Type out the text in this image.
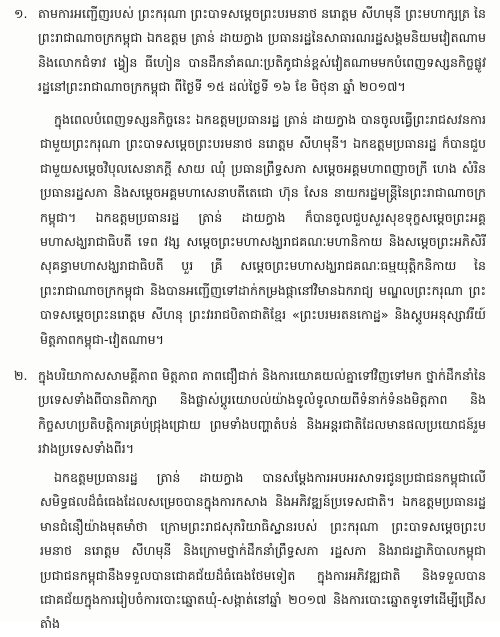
១. តាមការអញ្ជើញរបស់ ព្រះករុណា ព្រះបាទសម្តេចព្រះបរមនាថ នរោត្តម សីហមុនី ព្រះមហាក្សត្រ នៃព្រះរាជាណាចក្រកម្ពុជា ឯកឧត្តម ត្រាន់ ដាយក្វាង ប្រធានរដ្ឋនៃសាធារណរដ្ឋសង្គមនិយមវៀតណាម និងលោកជំទាវ ង្វៀន ធីហៀន បានដឹកនាំគណៈប្រតិភូជាន់ខ្ពស់វៀតណាមមកបំពេញទស្សនកិច្ចផ្លូវរដ្ឋនៅព្រះរាជាណាចក្រកម្ពុជា ពីថ្ងៃទី ១៥ ដល់ថ្ងៃទី ១៦ ខែ មិថុនា ឆ្នាំ ២០១៧។
ក្នុងពេលបំពេញទស្សនកិច្ចនេះ ឯកឧត្តមប្រធានរដ្ឋ ត្រាន់ ដាយក្វាង បានចូលធ្វើព្រះរាជសវនការជាមួយព្រះករុណា ព្រះបាទសម្តេចព្រះបរមនាថ នរោត្តម សីហមុនី។ ឯកឧត្តមប្រធានរដ្ឋ ក៏បានជួបជាមួយសម្តេចវិបុលសេនាភក្តី សាយ ឈុំ ប្រធានព្រឹទ្ធសភា សម្តេចអគ្គមហាពញាចក្រី ហេង សំរិន ប្រធានរដ្ឋសភា និងសម្តេចអគ្គមហាសេនាបតីតេជោ ហ៊ុន សែន នាយករដ្ឋមន្ត្រីនៃព្រះរាជាណាចក្រកម្ពុជា។ ឯកឧត្តមប្រធានរដ្ឋ ត្រាន់ ដាយក្វាង ក៏បានចូលជួបសួរសុខទុក្ខសម្តេចព្រះអគ្គមហាសង្ឃរាជាធិបតី ទេព វង្ស សម្តេចព្រះមហាសង្ឃរាជគណៈមហានិកាយ និងសម្តេចព្រះអភិសិរីសុគន្ធាមហាសង្ឃរាជាធិបតី បួរ គ្រី សម្តេចព្រះមហាសង្ឃរាជគណៈធម្មយុត្តិកនិកាយ នៃព្រះរាជាណាចក្រកម្ពុជា និងបានអញ្ជើញទៅដាក់កម្រងផ្កានៅវិមានឯករាជ្យ មណ្ឌលព្រះករុណា ព្រះបាទសម្តេចព្រះនរោត្តម សីហនុ ព្រះវររាជបិតាជាតិខ្មែរ «ព្រះបរមរតនកោដ្ឋ» និងស្តូបអនុស្សាវរីយ៍មិត្តភាពកម្ពុជា-វៀតណាម។
២. ក្នុងបរិយាកាសសាមគ្គីភាព មិត្តភាព ភាពជឿជាក់ និងការយោគយល់គ្នាទៅវិញទៅមក ថ្នាក់ដឹកនាំនៃប្រទេសទាំងពីបានពិភាក្សា និងផ្លាស់ប្តូរយោបល់យ៉ាងទូលំទូលាយពីទំនាក់ទំនងមិត្តភាព និងកិច្ចសហប្រតិបត្តិការគ្រប់ជ្រុងជ្រោយ ព្រមទាំងបញ្ហាតំបន់ និងអន្តរជាតិដែលមានផលប្រយោជន៍រួមរវាងប្រទេសទាំងពីរ។
ឯកឧត្តមប្រធានរដ្ឋ ត្រាន់ ដាយក្វាង បានសម្តែងការអបអរសាទរជូនប្រជាជនកម្ពុជាលើសមិទ្ធផលដ៏ធំធេងដែលសម្រេចបានក្នុងការកសាង និងអភិវឌ្ឍន៍ប្រទេសជាតិ។ ឯកឧត្តមប្រធានរដ្ឋ មានជំនឿយ៉ាងមុតមាំថា ក្រោមព្រះរាជសុភរិយាធិស្ឋានរបស់ ព្រះករុណា ព្រះបាទសម្តេចព្រះបរមនាថ នរោត្តម សីហមុនី និងក្រោមថ្នាក់ដឹកនាំព្រឹទ្ធសភា រដ្ឋសភា និងរាជរដ្ឋាភិបាលកម្ពុជា ប្រជាជនកម្ពុជានឹងទទួលបានជោគជ័យដ៏ធំធេងថែមទៀត ក្នុងការអភិវឌ្ឍជាតិ និងទទួលបានជោគជ័យក្នុងការរៀបចំការបោះឆ្នោតឃុំ-សង្កាត់នៅឆ្នាំ ២០១៧ និងការបោះឆ្នោតទូទៅដើម្បីជ្រើសតាំង
